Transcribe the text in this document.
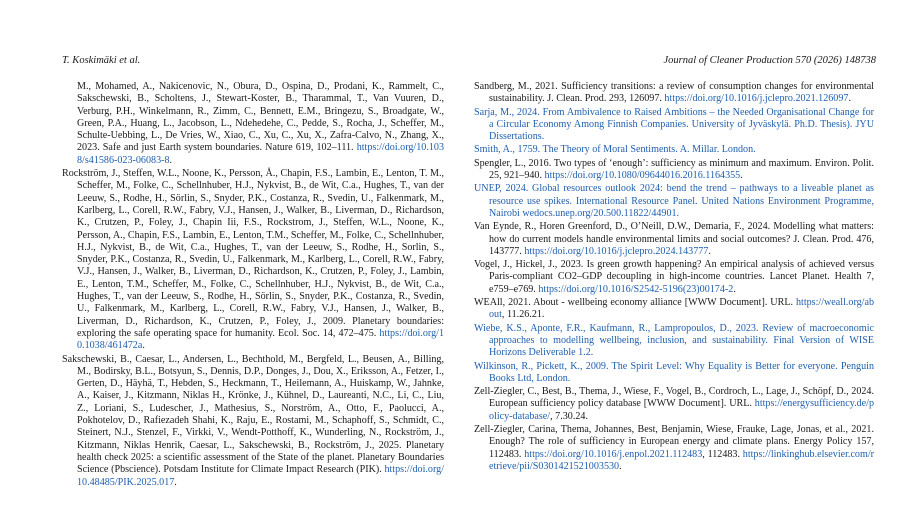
T. Koskimäki et al.	Journal of Cleaner Production 570 (2026) 148738

M., Mohamed, A., Nakicenovic, N., Obura, D., Ospina, D., Prodani, K., Rammelt, C., Sakschewski, B., Scholtens, J., Stewart-Koster, B., Tharammal, T., Van Vuuren, D., Verburg, P.H., Winkelmann, R., Zimm, C., Bennett, E.M., Bringezu, S., Broadgate, W., Green, P.A., Huang, L., Jacobson, L., Ndehedehe, C., Pedde, S., Rocha, J., Scheffer, M., Schulte-Uebbing, L., De Vries, W., Xiao, C., Xu, C., Xu, X., Zafra-Calvo, N., Zhang, X., 2023. Safe and just Earth system boundaries. Nature 619, 102–111. https://doi.org/10.1038/s41586-023-06083-8.

Rockström, J., Steffen, W.L., Noone, K., Persson, Å., Chapin, F.S., Lambin, E., Lenton, T. M., Scheffer, M., Folke, C., Schellnhuber, H.J., Nykvist, B., de Wit, C.a., Hughes, T., van der Leeuw, S., Rodhe, H., Sörlin, S., Snyder, P.K., Costanza, R., Svedin, U., Falkenmark, M., Karlberg, L., Corell, R.W., Fabry, V.J., Hansen, J., Walker, B., Liverman, D., Richardson, K., Crutzen, P., Foley, J., Chapin Iii, F.S., Rockstrom, J., Steffen, W.L., Noone, K., Persson, A., Chapin, F.S., Lambin, E., Lenton, T.M., Scheffer, M., Folke, C., Schellnhuber, H.J., Nykvist, B., de Wit, C.a., Hughes, T., van der Leeuw, S., Rodhe, H., Sorlin, S., Snyder, P.K., Costanza, R., Svedin, U., Falkenmark, M., Karlberg, L., Corell, R.W., Fabry, V.J., Hansen, J., Walker, B., Liverman, D., Richardson, K., Crutzen, P., Foley, J., Lambin, E., Lenton, T.M., Scheffer, M., Folke, C., Schellnhuber, H.J., Nykvist, B., de Wit, C.a., Hughes, T., van der Leeuw, S., Rodhe, H., Sörlin, S., Snyder, P.K., Costanza, R., Svedin, U., Falkenmark, M., Karlberg, L., Corell, R.W., Fabry, V.J., Hansen, J., Walker, B., Liverman, D., Richardson, K., Crutzen, P., Foley, J., 2009. Planetary boundaries: exploring the safe operating space for humanity. Ecol. Soc. 14, 472–475. https://doi.org/10.1038/461472a.

Sakschewski, B., Caesar, L., Andersen, L., Bechthold, M., Bergfeld, L., Beusen, A., Billing, M., Bodirsky, B.L., Botsyun, S., Dennis, D.P., Donges, J., Dou, X., Eriksson, A., Fetzer, I., Gerten, D., Häyhä, T., Hebden, S., Heckmann, T., Heilemann, A., Huiskamp, W., Jahnke, A., Kaiser, J., Kitzmann, Niklas H., Krönke, J., Kühnel, D., Laureanti, N.C., Li, C., Liu, Z., Loriani, S., Ludescher, J., Mathesius, S., Norström, A., Otto, F., Paolucci, A., Pokhotelov, D., Rafiezadeh Shahi, K., Raju, E., Rostami, M., Schaphoff, S., Schmidt, C., Steinert, N.J., Stenzel, F., Virkki, V., Wendt-Potthoff, K., Wunderling, N., Rockström, J., Kitzmann, Niklas Henrik, Caesar, L., Sakschewski, B., Rockström, J., 2025. Planetary health check 2025: a scientific assessment of the State of the planet. Planetary Boundaries Science (Pbscience). Potsdam Institute for Climate Impact Research (PIK). https://doi.org/10.48485/PIK.2025.017.

Sandberg, M., 2021. Sufficiency transitions: a review of consumption changes for environmental sustainability. J. Clean. Prod. 293, 126097. https://doi.org/10.1016/j.jclepro.2021.126097.

Sarja, M., 2024. From Ambivalence to Raised Ambitions – the Needed Organisational Change for a Circular Economy Among Finnish Companies. University of Jyväskylä. Ph.D. Thesis). JYU Dissertations.

Smith, A., 1759. The Theory of Moral Sentiments. A. Millar. London.

Spengler, L., 2016. Two types of ‘enough’: sufficiency as minimum and maximum. Environ. Polit. 25, 921–940. https://doi.org/10.1080/09644016.2016.1164355.

UNEP, 2024. Global resources outlook 2024: bend the trend – pathways to a liveable planet as resource use spikes. International Resource Panel. United Nations Environment Programme, Nairobi wedocs.unep.org/20.500.11822/44901.

Van Eynde, R., Horen Greenford, D., O’Neill, D.W., Demaria, F., 2024. Modelling what matters: how do current models handle environmental limits and social outcomes? J. Clean. Prod. 476, 143777. https://doi.org/10.1016/j.jclepro.2024.143777.

Vogel, J., Hickel, J., 2023. Is green growth happening? An empirical analysis of achieved versus Paris-compliant CO2–GDP decoupling in high-income countries. Lancet Planet. Health 7, e759–e769. https://doi.org/10.1016/S2542-5196(23)00174-2.

WEAll, 2021. About - wellbeing economy alliance [WWW Document]. URL. https://weall.org/about, 11.26.21.

Wiebe, K.S., Aponte, F.R., Kaufmann, R., Lampropoulos, D., 2023. Review of macroeconomic approaches to modelling wellbeing, inclusion, and sustainability. Final Version of WISE Horizons Deliverable 1.2.

Wilkinson, R., Pickett, K., 2009. The Spirit Level: Why Equality is Better for everyone. Penguin Books Ltd, London.

Zell-Ziegler, C., Best, B., Thema, J., Wiese, F., Vogel, B., Cordroch, L., Lage, J., Schöpf, D., 2024. European sufficiency policy database [WWW Document]. URL. https://energysufficiency.de/policy-database/, 7.30.24.

Zell-Ziegler, Carina, Thema, Johannes, Best, Benjamin, Wiese, Frauke, Lage, Jonas, et al., 2021. Enough? The role of sufficiency in European energy and climate plans. Energy Policy 157, 112483. https://doi.org/10.1016/j.enpol.2021.112483, 112483. https://linkinghub.elsevier.com/retrieve/pii/S0301421521003530.
